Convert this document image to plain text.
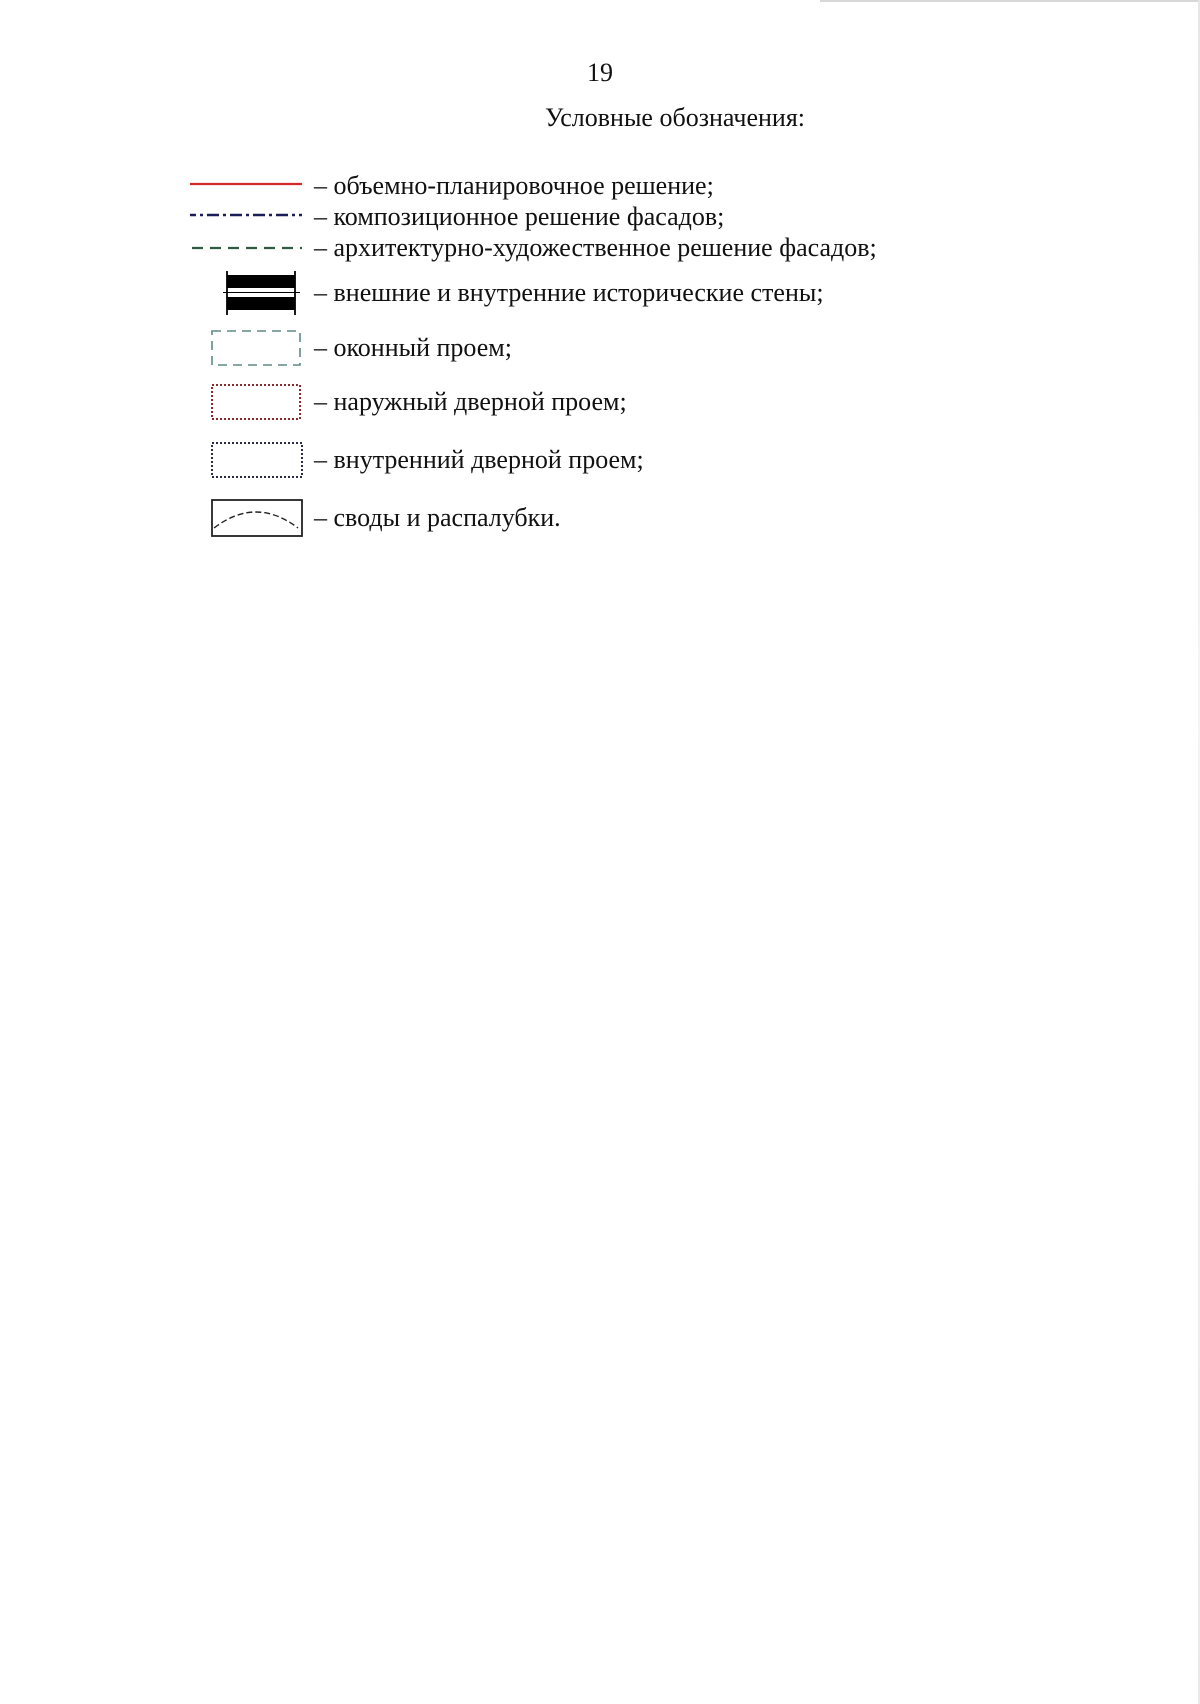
19
Условные обозначения:
– объемно-планировочное решение;
– композиционное решение фасадов;
– архитектурно-художественное решение фасадов;
– внешние и внутренние исторические стены;
– оконный проем;
– наружный дверной проем;
– внутренний дверной проем;
– своды и распалубки.
